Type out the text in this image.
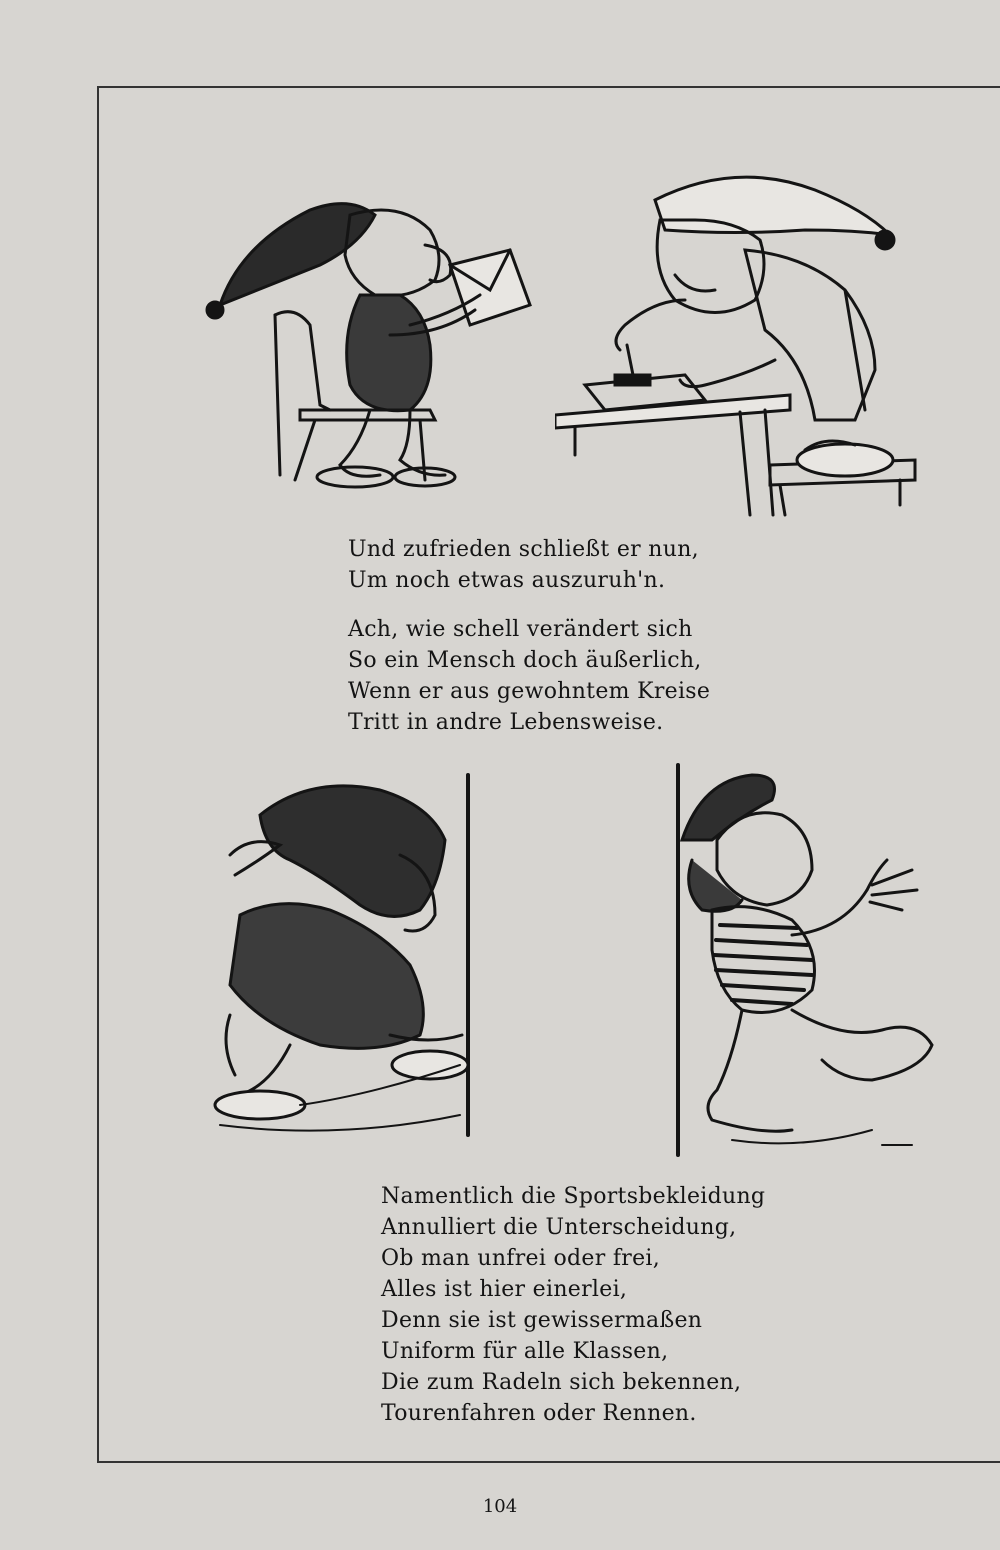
Und zufrieden schließt er nun,
Um noch etwas auszuruh'n.
Ach, wie schell verändert sich
So ein Mensch doch äußerlich,
Wenn er aus gewohntem Kreise
Tritt in andre Lebensweise.
Namentlich die Sportsbekleidung
Annulliert die Unterscheidung,
Ob man unfrei oder frei,
Alles ist hier einerlei,
Denn sie ist gewissermaßen
Uniform für alle Klassen,
Die zum Radeln sich bekennen,
Tourenfahren oder Rennen.
104
